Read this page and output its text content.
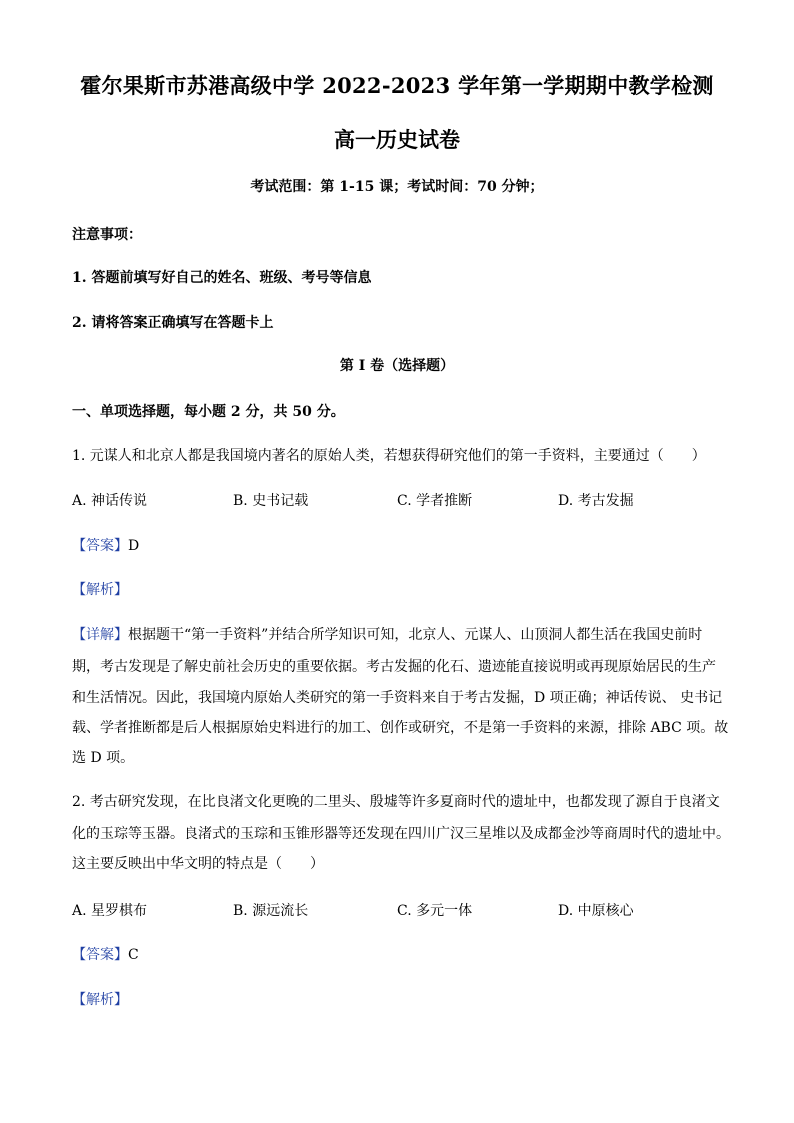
霍尔果斯市苏港高级中学 2022-2023 学年第一学期期中教学检测
高一历史试卷
考试范围：第 1-15 课；考试时间：70 分钟；
注意事项：
1. 答题前填写好自己的姓名、班级、考号等信息
2. 请将答案正确填写在答题卡上
第 I 卷（选择题）
一、单项选择题，每小题 2 分，共 50 分。
1. 元谋人和北京人都是我国境内著名的原始人类，若想获得研究他们的第一手资料，主要通过（　　）
A. 神话传说	B. 史书记载	C. 学者推断	D. 考古发掘
【答案】D
【解析】
【详解】根据题干“第一手资料”并结合所学知识可知，北京人、元谋人、山顶洞人都生活在我国史前时
期，考古发现是了解史前社会历史的重要依据。考古发掘的化石、遗迹能直接说明或再现原始居民的生产
和生活情况。因此，我国境内原始人类研究的第一手资料来自于考古发掘，D 项正确；神话传说、 史书记
载、学者推断都是后人根据原始史料进行的加工、创作或研究，不是第一手资料的来源，排除 ABC 项。故
选 D 项。
2. 考古研究发现，在比良渚文化更晚的二里头、殷墟等许多夏商时代的遗址中，也都发现了源自于良渚文
化的玉琮等玉器。良渚式的玉琮和玉锥形器等还发现在四川广汉三星堆以及成都金沙等商周时代的遗址中。
这主要反映出中华文明的特点是（　　）
A. 星罗棋布	B. 源远流长	C. 多元一体	D. 中原核心
【答案】C
【解析】
